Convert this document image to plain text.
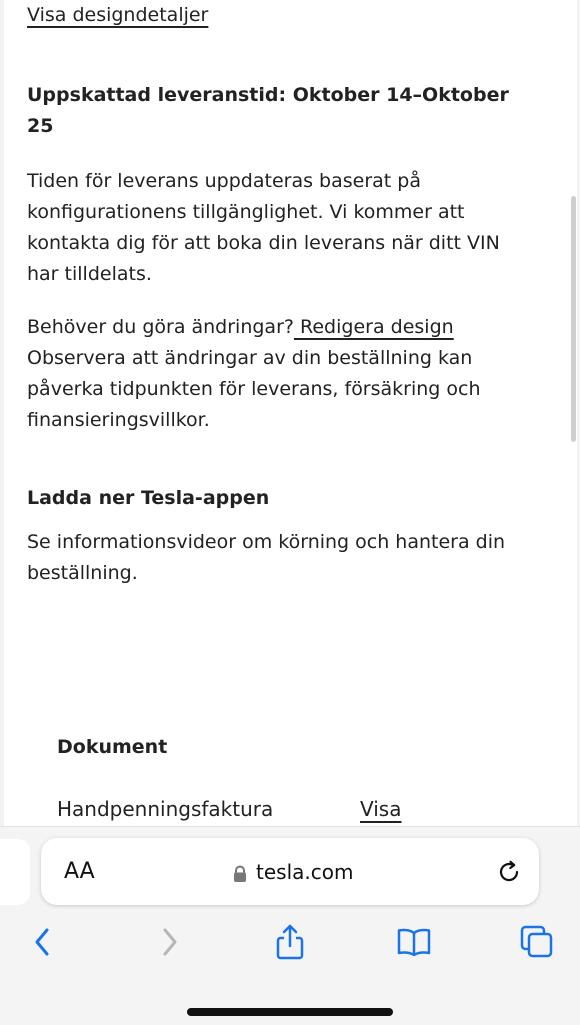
Visa designdetaljer
Uppskattad leveranstid: Oktober 14–Oktober 25
Tiden för leverans uppdateras baserat på konfigurationens tillgänglighet. Vi kommer att kontakta dig för att boka din leverans när ditt VIN har tilldelats.
Behöver du göra ändringar? Redigera design
Observera att ändringar av din beställning kan påverka tidpunkten för leverans, försäkring och finansieringsvillkor.
Ladda ner Tesla-appen
Se informationsvideor om körning och hantera din beställning.
Dokument
Handpenningsfaktura	Visa
AA	tesla.com
